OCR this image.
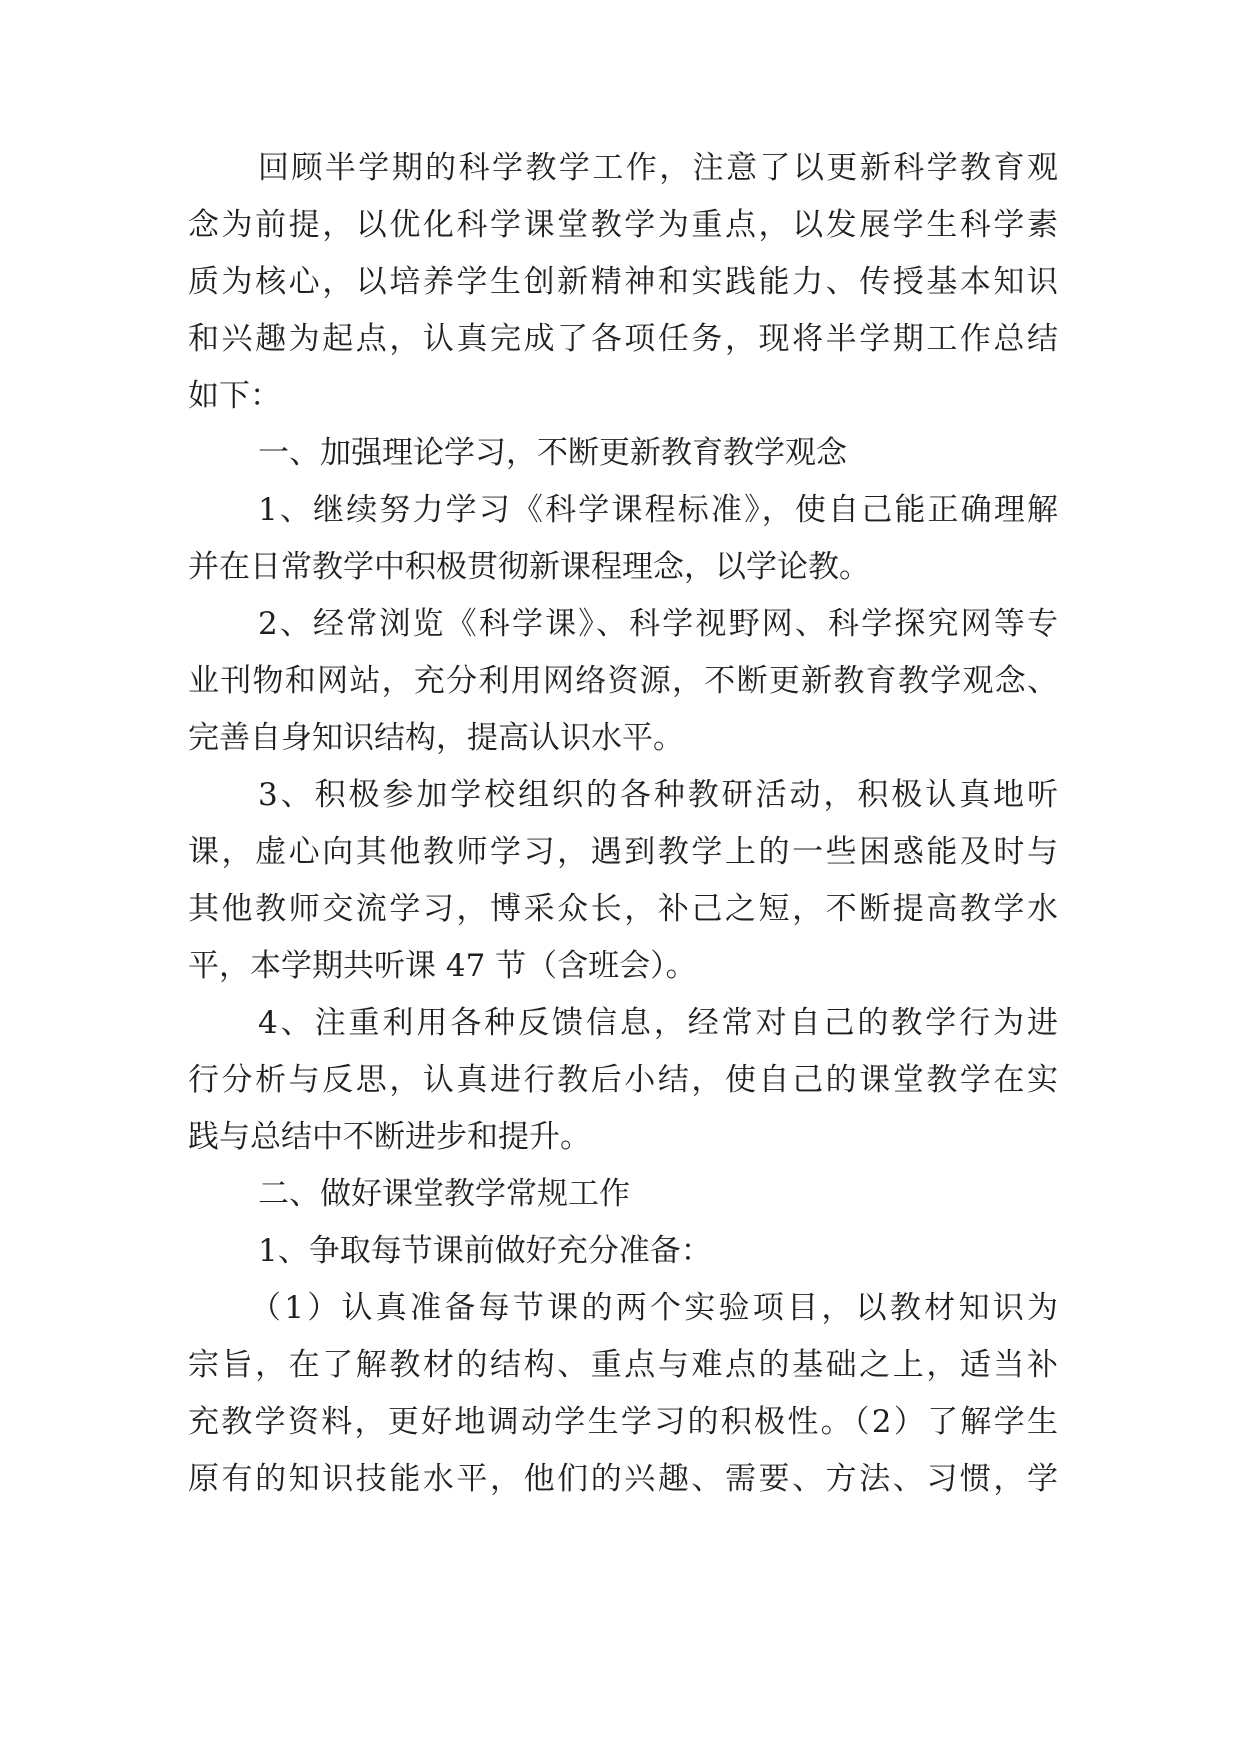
回顾半学期的科学教学工作，注意了以更新科学教育观
念为前提，以优化科学课堂教学为重点，以发展学生科学素
质为核心，以培养学生创新精神和实践能力、传授基本知识
和兴趣为起点，认真完成了各项任务，现将半学期工作总结
如下：
一、加强理论学习，不断更新教育教学观念
1、继续努力学习《科学课程标准》，使自己能正确理解
并在日常教学中积极贯彻新课程理念，以学论教。
2、经常浏览《科学课》、科学视野网、科学探究网等专
业刊物和网站，充分利用网络资源，不断更新教育教学观念、
完善自身知识结构，提高认识水平。
3、积极参加学校组织的各种教研活动，积极认真地听
课，虚心向其他教师学习，遇到教学上的一些困惑能及时与
其他教师交流学习，博采众长，补己之短，不断提高教学水
平，本学期共听课 47 节（含班会）。
4、注重利用各种反馈信息，经常对自己的教学行为进
行分析与反思，认真进行教后小结，使自己的课堂教学在实
践与总结中不断进步和提升。
二、做好课堂教学常规工作
1、争取每节课前做好充分准备：
（1）认真准备每节课的两个实验项目，以教材知识为
宗旨，在了解教材的结构、重点与难点的基础之上，适当补
充教学资料，更好地调动学生学习的积极性。（2）了解学生
原有的知识技能水平，他们的兴趣、需要、方法、习惯，学
